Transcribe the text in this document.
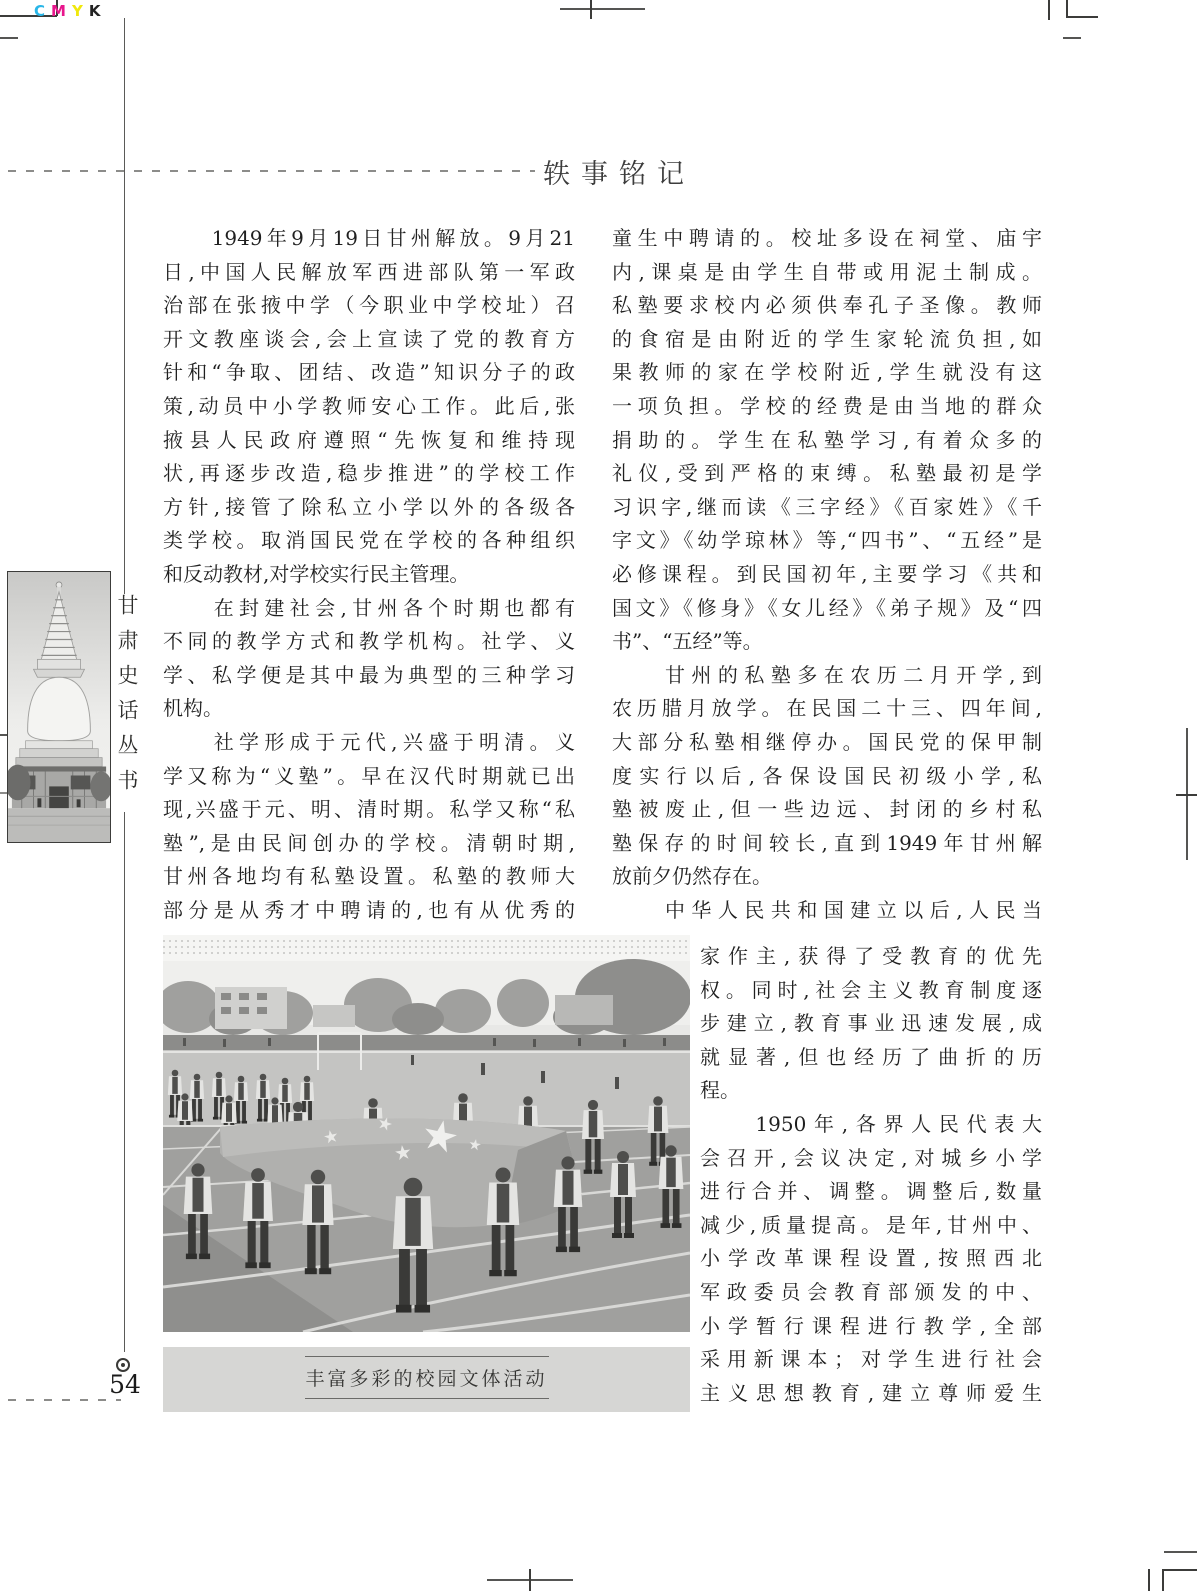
C M Y K
轶事铭记
甘肃史话丛书
54
　　1949年9月19日甘州解放。9月21
日,中国人民解放军西进部队第一军政
治部在张掖中学（今职业中学校址）召
开文教座谈会,会上宣读了党的教育方
针和“争取、团结、改造”知识分子的政
策,动员中小学教师安心工作。此后,张
掖县人民政府遵照“先恢复和维持现
状,再逐步改造,稳步推进”的学校工作
方针,接管了除私立小学以外的各级各
类学校。取消国民党在学校的各种组织
和反动教材,对学校实行民主管理。
　　在封建社会,甘州各个时期也都有
不同的教学方式和教学机构。社学、义
学、私学便是其中最为典型的三种学习
机构。
　　社学形成于元代,兴盛于明清。义
学又称为“义塾”。早在汉代时期就已出
现,兴盛于元、明、清时期。私学又称“私
塾”,是由民间创办的学校。清朝时期,
甘州各地均有私塾设置。私塾的教师大
部分是从秀才中聘请的,也有从优秀的
童生中聘请的。校址多设在祠堂、庙宇
内,课桌是由学生自带或用泥土制成。
私塾要求校内必须供奉孔子圣像。教师
的食宿是由附近的学生家轮流负担,如
果教师的家在学校附近,学生就没有这
一项负担。学校的经费是由当地的群众
捐助的。学生在私塾学习,有着众多的
礼仪,受到严格的束缚。私塾最初是学
习识字,继而读《三字经》《百家姓》《千
字文》《幼学琼林》等,“四书”、“五经”是
必修课程。到民国初年,主要学习《共和
国文》《修身》《女儿经》《弟子规》及“四
书”、“五经”等。
　　甘州的私塾多在农历二月开学,到
农历腊月放学。在民国二十三、四年间,
大部分私塾相继停办。国民党的保甲制
度实行以后,各保设国民初级小学,私
塾被废止,但一些边远、封闭的乡村私
塾保存的时间较长,直到1949年甘州解
放前夕仍然存在。
　　中华人民共和国建立以后,人民当
家作主,获得了受教育的优先
权。同时,社会主义教育制度逐
步建立,教育事业迅速发展,成
就显著,但也经历了曲折的历
程。
　　1950年,各界人民代表大
会召开,会议决定,对城乡小学
进行合并、调整。调整后,数量
减少,质量提高。是年,甘州中、
小学改革课程设置,按照西北
军政委员会教育部颁发的中、
小学暂行课程进行教学,全部
采用新课本；对学生进行社会
主义思想教育,建立尊师爱生
丰富多彩的校园文体活动
